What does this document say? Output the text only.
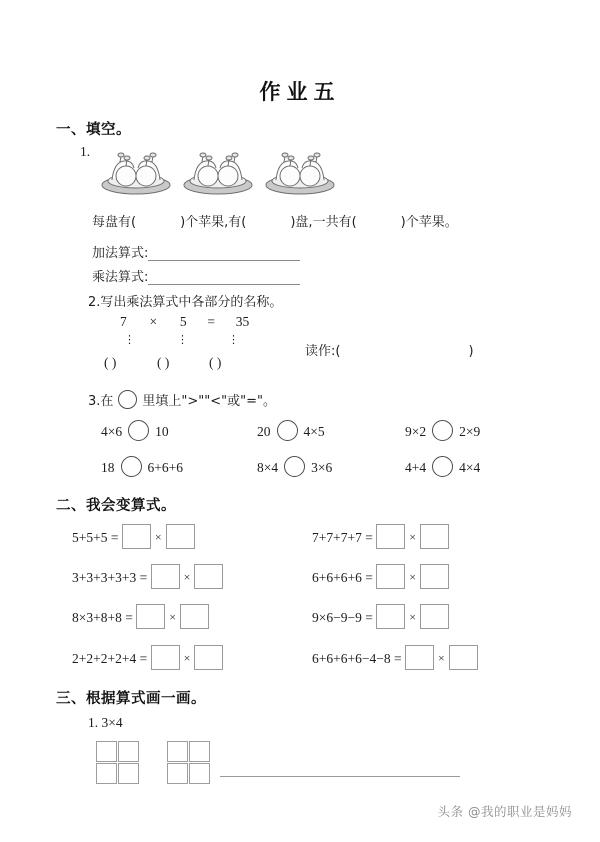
作业五
一、填空。
1.
每盘有(	)个苹果,有(	)盘,一共有(	)个苹果。
加法算式:
乘法算式:
2.写出乘法算式中各部分的名称。
7 × 5 = 35
⋮	⋮	⋮
( )	( )	( )
读作:(	)
3.在 里填上">""<"或"="。
4×6 10	20 4×5	9×2 2×9
18 6+6+6	8×4 3×6	4+4 4×4
二、我会变算式。
5+5+5 =	×	7+7+7+7 =	×
3+3+3+3+3 =	×	6+6+6+6 =	×
8×3+8+8 =	×	9×6−9−9 =	×
2+2+2+2+4 =	×	6+6+6+6−4−8 =	×
三、根据算式画一画。
1. 3×4

头条 @我的职业是妈妈
